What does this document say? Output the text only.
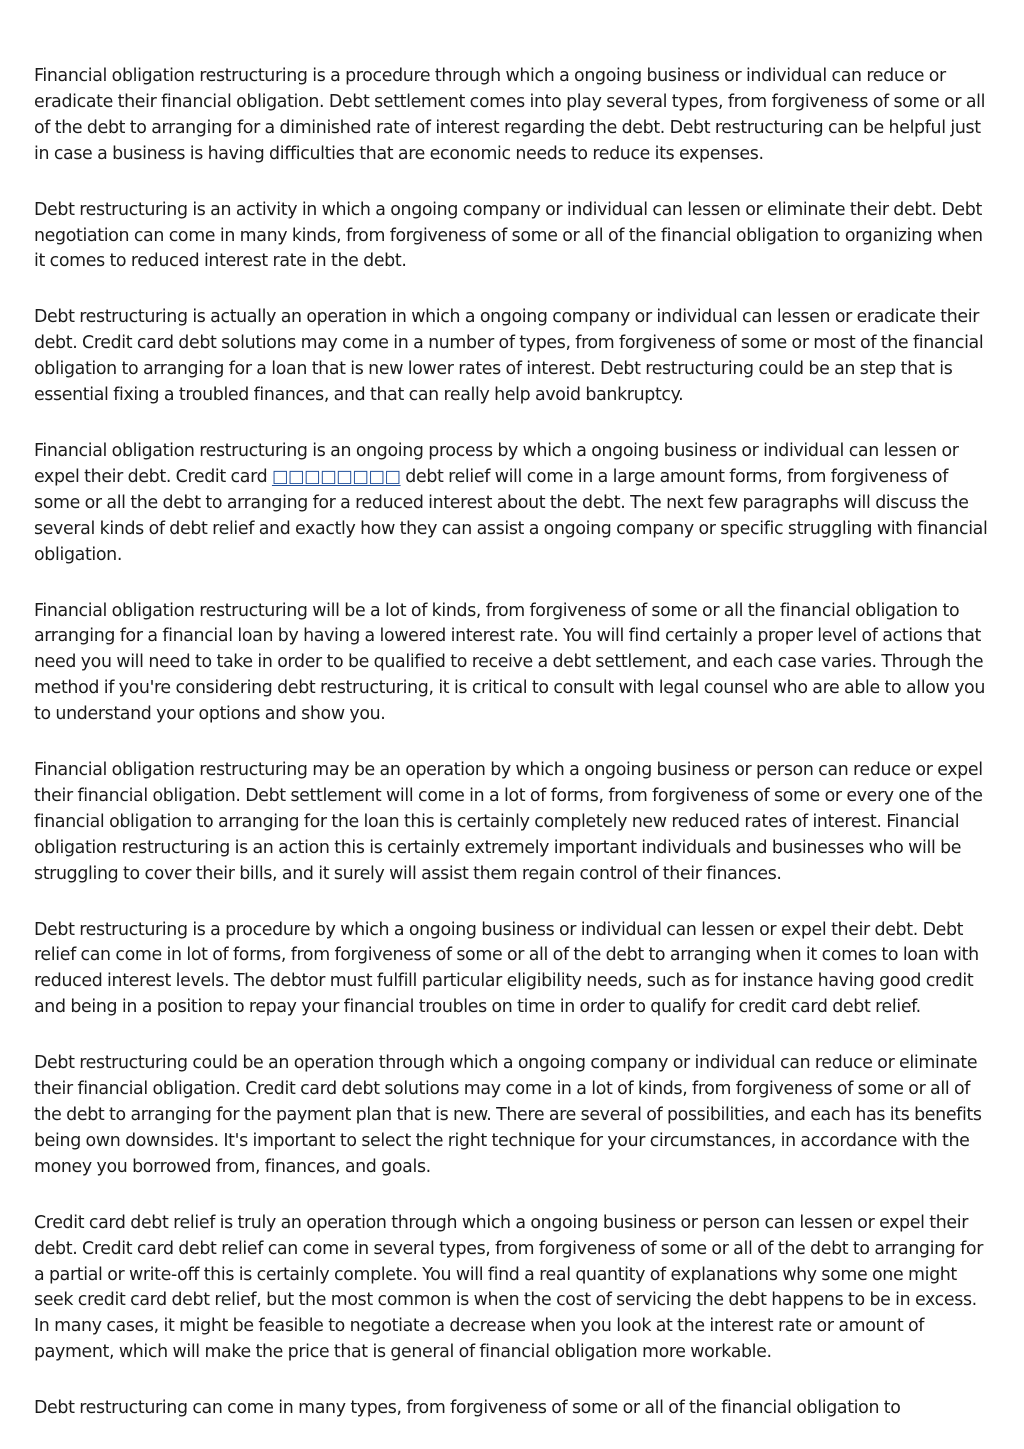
Financial obligation restructuring is a procedure through which a ongoing business or individual can reduce or eradicate their financial obligation. Debt settlement comes into play several types, from forgiveness of some or all of the debt to arranging for a diminished rate of interest regarding the debt. Debt restructuring can be helpful just in case a business is having difficulties that are economic needs to reduce its expenses.

Debt restructuring is an activity in which a ongoing company or individual can lessen or eliminate their debt. Debt negotiation can come in many kinds, from forgiveness of some or all of the financial obligation to organizing when it comes to reduced interest rate in the debt.

Debt restructuring is actually an operation in which a ongoing company or individual can lessen or eradicate their debt. Credit card debt solutions may come in a number of types, from forgiveness of some or most of the financial obligation to arranging for a loan that is new lower rates of interest. Debt restructuring could be an step that is essential fixing a troubled finances, and that can really help avoid bankruptcy.

Financial obligation restructuring is an ongoing process by which a ongoing business or individual can lessen or expel their debt. Credit card □□□□□□□□ debt relief will come in a large amount forms, from forgiveness of some or all the debt to arranging for a reduced interest about the debt. The next few paragraphs will discuss the several kinds of debt relief and exactly how they can assist a ongoing company or specific struggling with financial obligation.

Financial obligation restructuring will be a lot of kinds, from forgiveness of some or all the financial obligation to arranging for a financial loan by having a lowered interest rate. You will find certainly a proper level of actions that need you will need to take in order to be qualified to receive a debt settlement, and each case varies. Through the method if you're considering debt restructuring, it is critical to consult with legal counsel who are able to allow you to understand your options and show you.

Financial obligation restructuring may be an operation by which a ongoing business or person can reduce or expel their financial obligation. Debt settlement will come in a lot of forms, from forgiveness of some or every one of the financial obligation to arranging for the loan this is certainly completely new reduced rates of interest. Financial obligation restructuring is an action this is certainly extremely important individuals and businesses who will be struggling to cover their bills, and it surely will assist them regain control of their finances.

Debt restructuring is a procedure by which a ongoing business or individual can lessen or expel their debt. Debt relief can come in lot of forms, from forgiveness of some or all of the debt to arranging when it comes to loan with reduced interest levels. The debtor must fulfill particular eligibility needs, such as for instance having good credit and being in a position to repay your financial troubles on time in order to qualify for credit card debt relief.

Debt restructuring could be an operation through which a ongoing company or individual can reduce or eliminate their financial obligation. Credit card debt solutions may come in a lot of kinds, from forgiveness of some or all of the debt to arranging for the payment plan that is new. There are several of possibilities, and each has its benefits being own downsides. It's important to select the right technique for your circumstances, in accordance with the money you borrowed from, finances, and goals.

Credit card debt relief is truly an operation through which a ongoing business or person can lessen or expel their debt. Credit card debt relief can come in several types, from forgiveness of some or all of the debt to arranging for a partial or write-off this is certainly complete. You will find a real quantity of explanations why some one might seek credit card debt relief, but the most common is when the cost of servicing the debt happens to be in excess. In many cases, it might be feasible to negotiate a decrease when you look at the interest rate or amount of payment, which will make the price that is general of financial obligation more workable.

Debt restructuring can come in many types, from forgiveness of some or all of the financial obligation to
